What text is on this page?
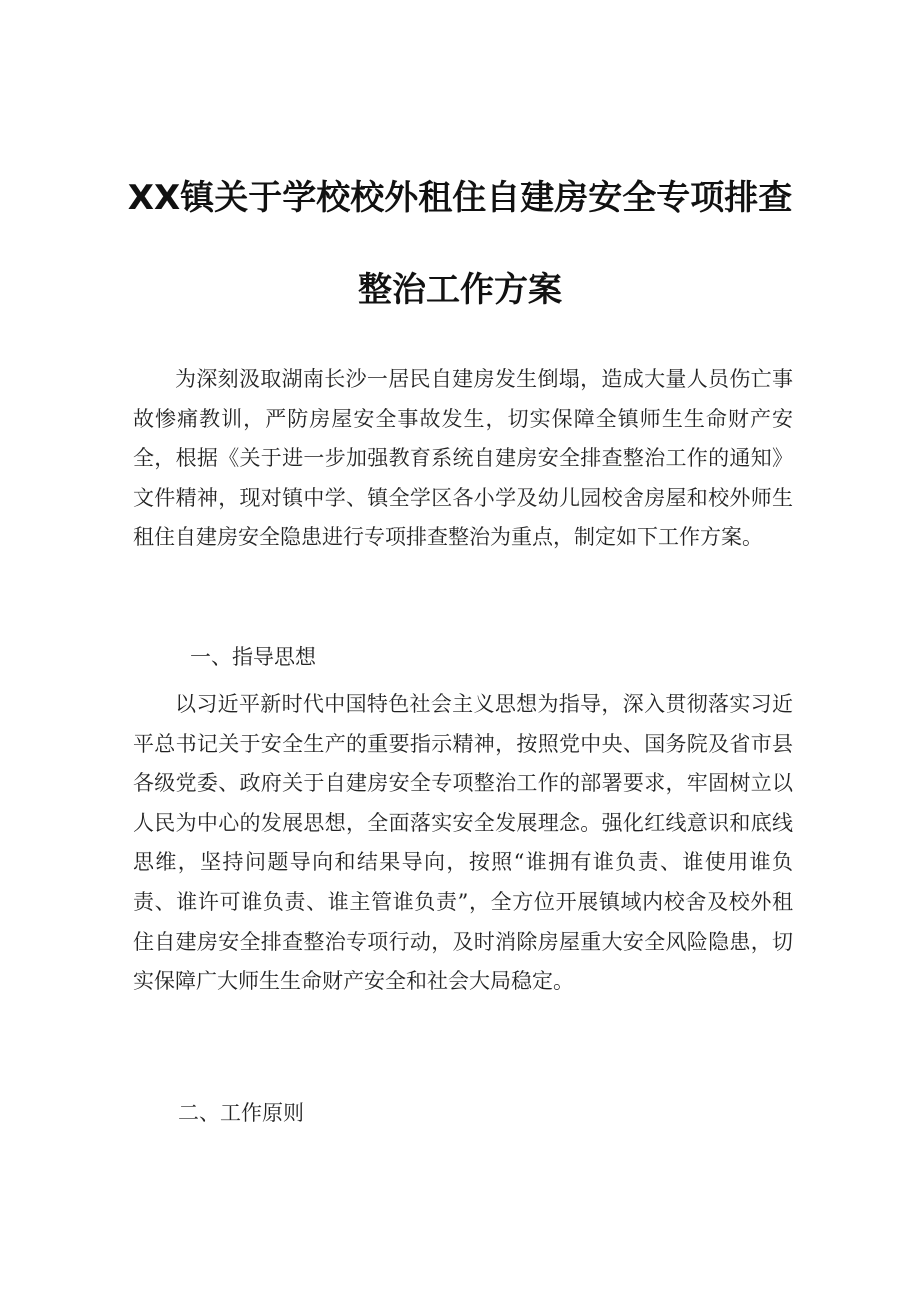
XX镇关于学校校外租住自建房安全专项排查
整治工作方案
为深刻汲取湖南长沙一居民自建房发生倒塌，造成大量人员伤亡事故惨痛教训，严防房屋安全事故发生，切实保障全镇师生生命财产安全，根据《关于进一步加强教育系统自建房安全排查整治工作的通知》文件精神，现对镇中学、镇全学区各小学及幼儿园校舍房屋和校外师生租住自建房安全隐患进行专项排查整治为重点，制定如下工作方案。
一、指导思想
以习近平新时代中国特色社会主义思想为指导，深入贯彻落实习近平总书记关于安全生产的重要指示精神，按照党中央、国务院及省市县各级党委、政府关于自建房安全专项整治工作的部署要求，牢固树立以人民为中心的发展思想，全面落实安全发展理念。强化红线意识和底线思维，坚持问题导向和结果导向，按照“谁拥有谁负责、谁使用谁负责、谁许可谁负责、谁主管谁负责”，全方位开展镇域内校舍及校外租住自建房安全排查整治专项行动，及时消除房屋重大安全风险隐患，切实保障广大师生生命财产安全和社会大局稳定。
二、工作原则
